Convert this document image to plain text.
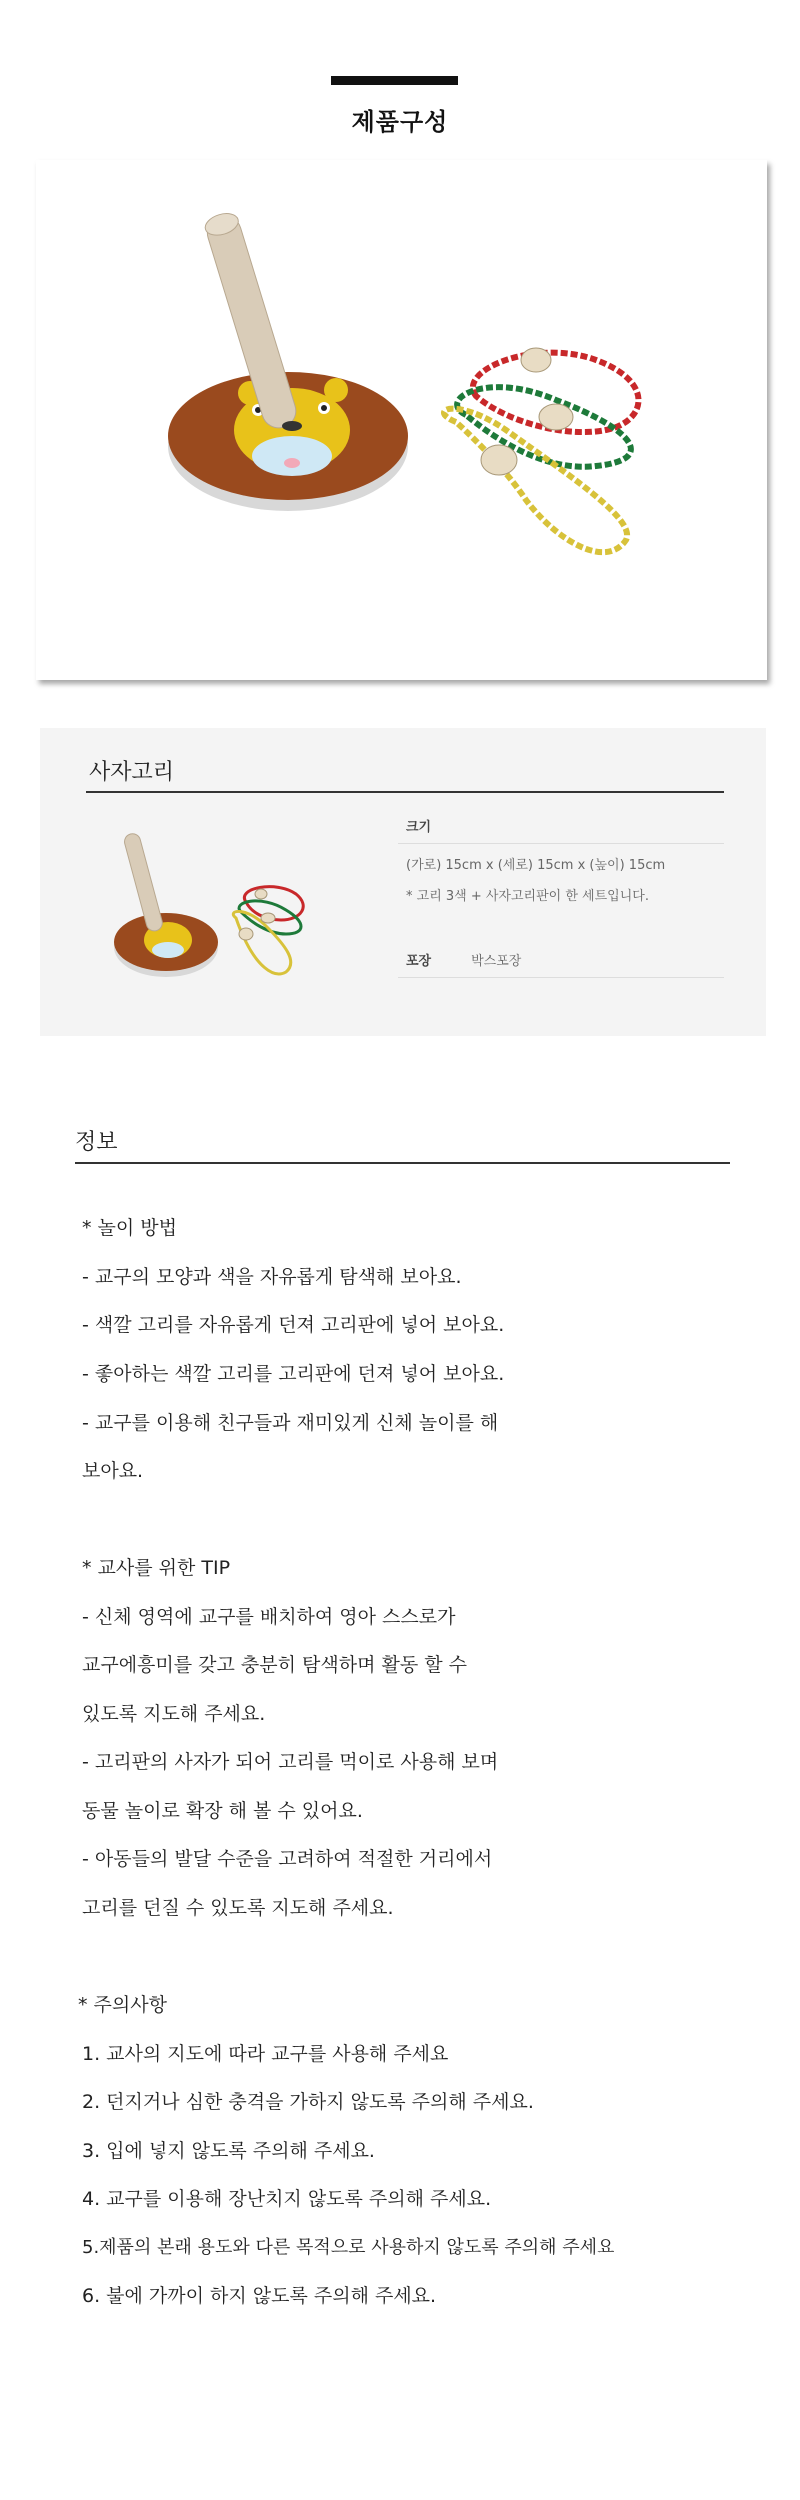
제품구성
사자고리
크기
(가로) 15cm x (세로) 15cm x (높이) 15cm
* 고리 3색 + 사자고리판이 한 세트입니다.
포장	박스포장
정보
* 놀이 방법
- 교구의 모양과 색을 자유롭게 탐색해 보아요.
- 색깔 고리를 자유롭게 던져 고리판에 넣어 보아요.
- 좋아하는 색깔 고리를 고리판에 던져 넣어 보아요.
- 교구를 이용해 친구들과 재미있게 신체 놀이를 해
보아요.
* 교사를 위한 TIP
- 신체 영역에 교구를 배치하여 영아 스스로가
교구에흥미를 갖고 충분히 탐색하며 활동 할 수
있도록 지도해 주세요.
- 고리판의 사자가 되어 고리를 먹이로 사용해 보며
동물 놀이로 확장 해 볼 수 있어요.
- 아동들의 발달 수준을 고려하여 적절한 거리에서
고리를 던질 수 있도록 지도해 주세요.
* 주의사항
1. 교사의 지도에 따라 교구를 사용해 주세요
2. 던지거나 심한 충격을 가하지 않도록 주의해 주세요.
3. 입에 넣지 않도록 주의해 주세요.
4. 교구를 이용해 장난치지 않도록 주의해 주세요.
5.제품의 본래 용도와 다른 목적으로 사용하지 않도록 주의해 주세요
6. 불에 가까이 하지 않도록 주의해 주세요.
